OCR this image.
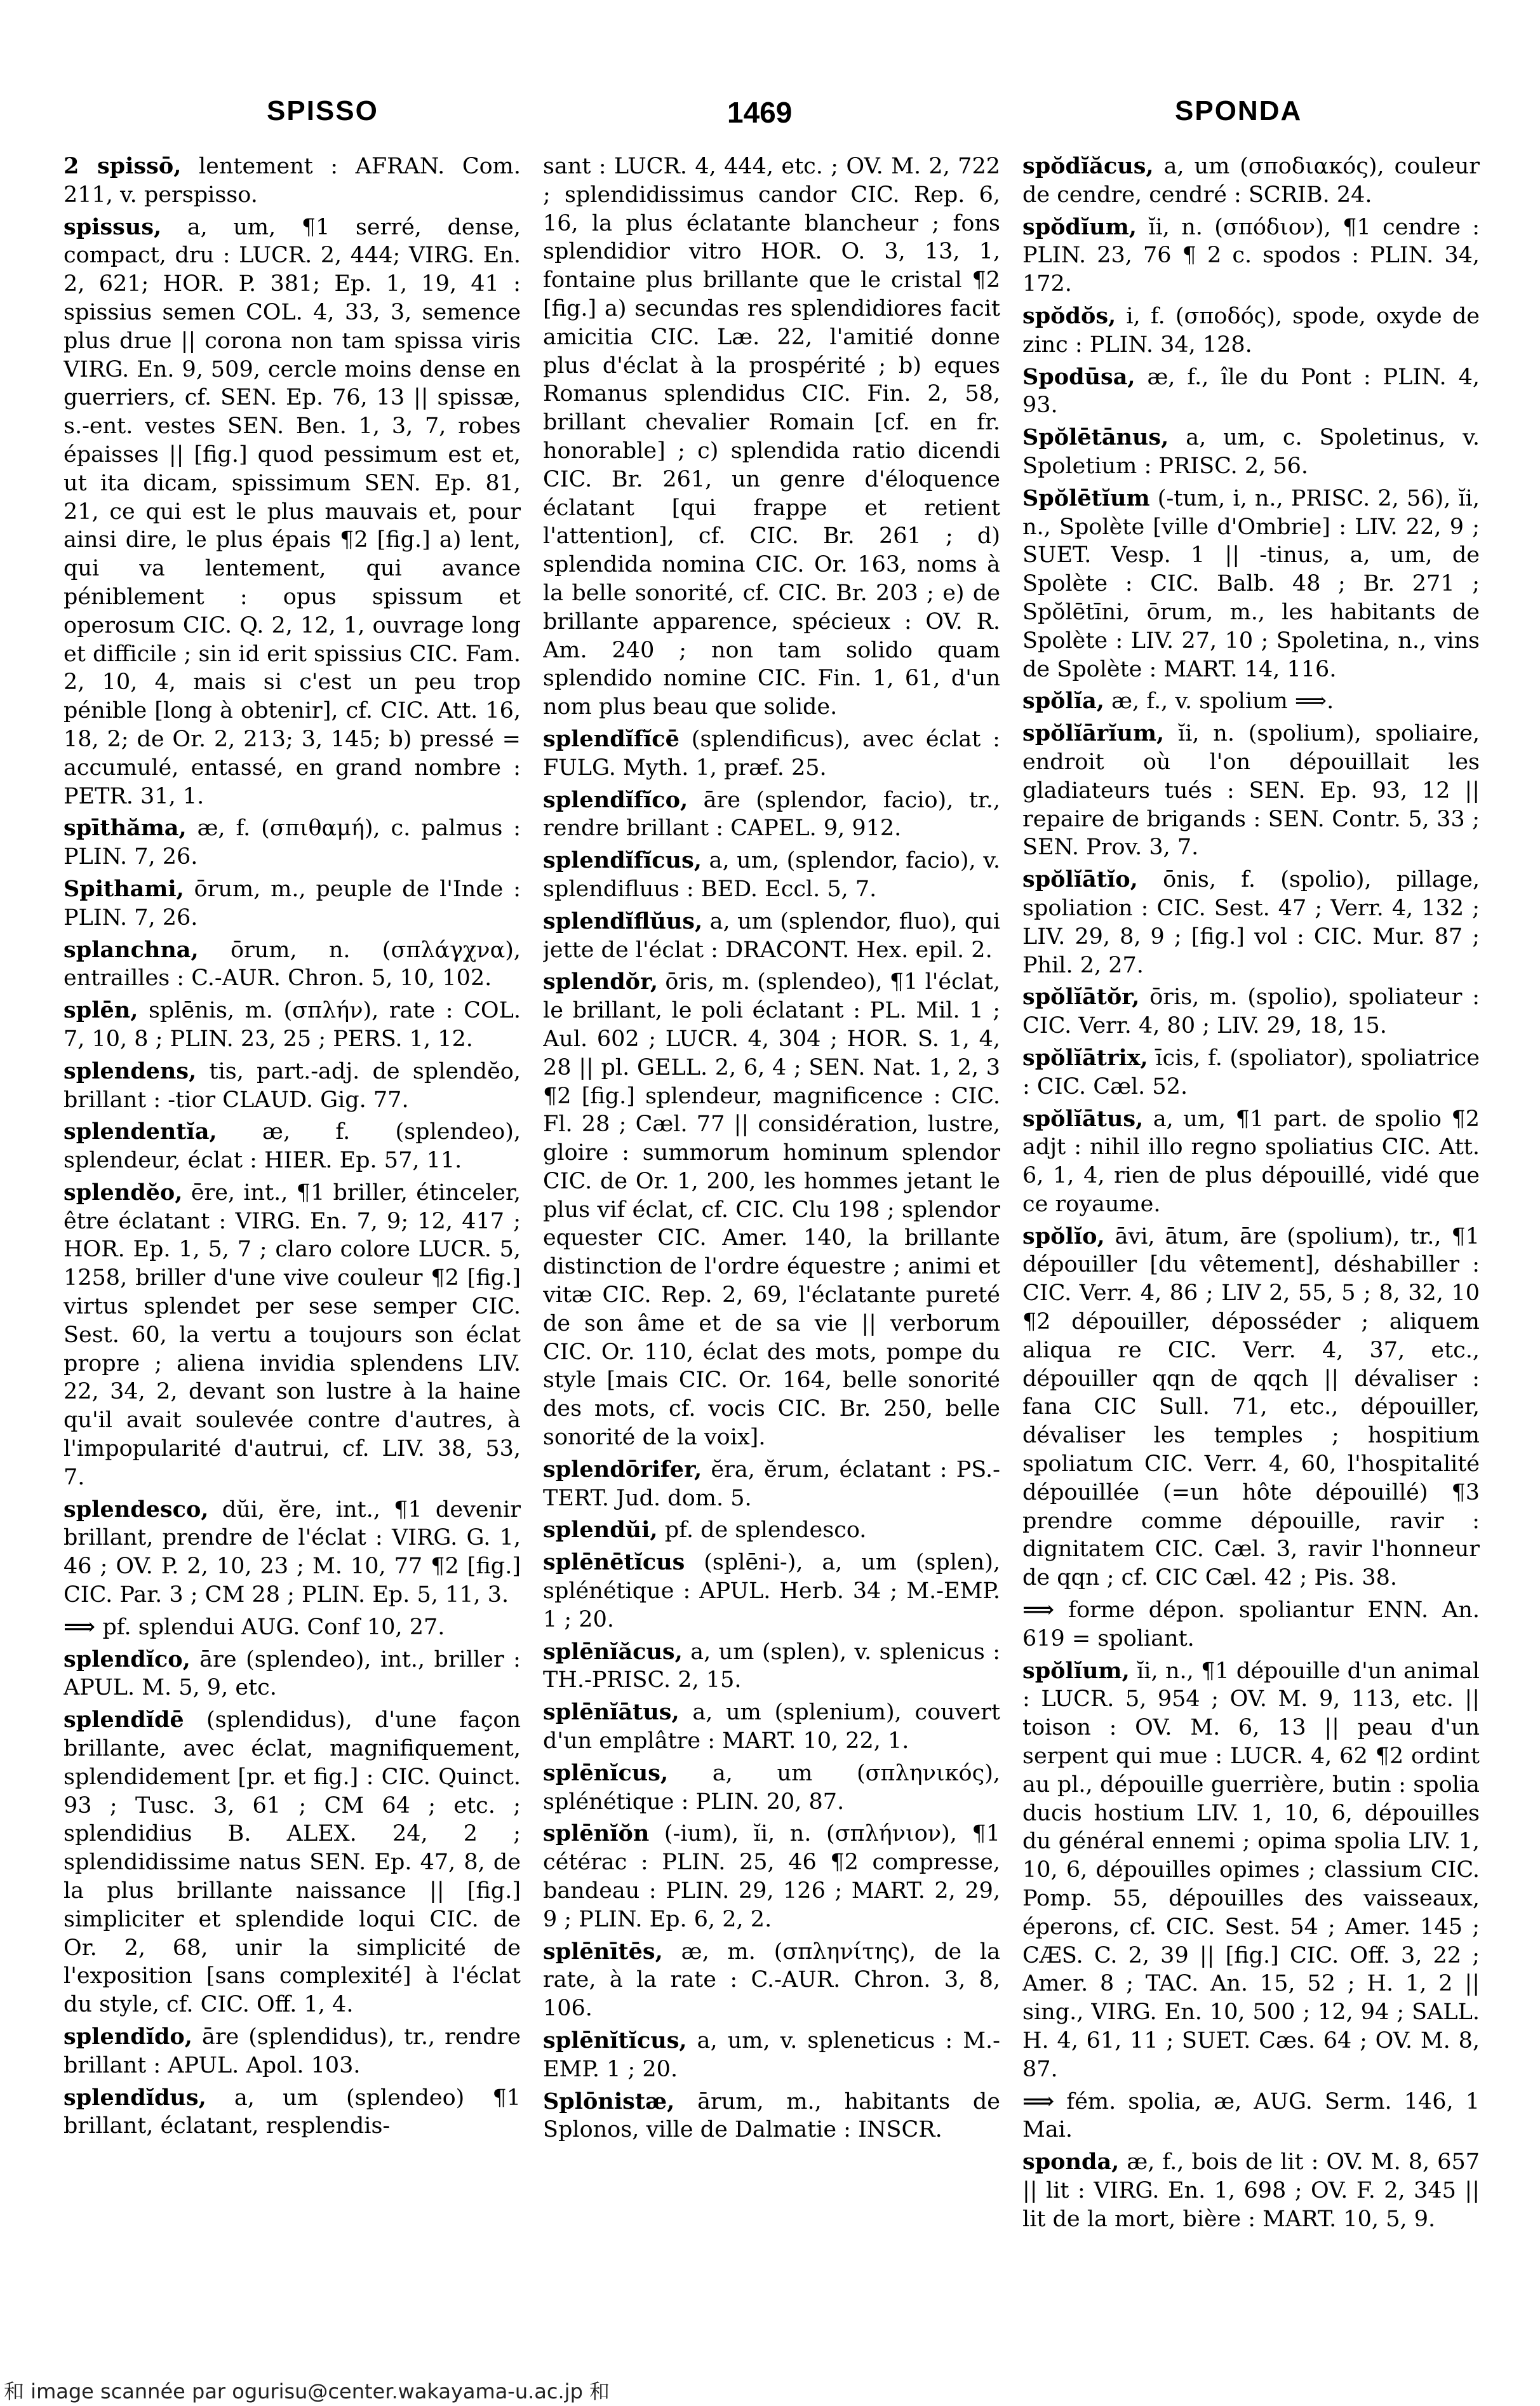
SPISSO	1469	SPONDA

2 spissō, lentement : AFRAN. Com. 211, v. perspisso.

spissus, a, um, ¶1 serré, dense, compact, dru : LUCR. 2, 444; VIRG. En. 2, 621; HOR. P. 381; Ep. 1, 19, 41 : spissius semen COL. 4, 33, 3, semence plus drue || corona non tam spissa viris VIRG. En. 9, 509, cercle moins dense en guerriers, cf. SEN. Ep. 76, 13 || spissæ, s.-ent. vestes SEN. Ben. 1, 3, 7, robes épaisses || [fig.] quod pessimum est et, ut ita dicam, spissimum SEN. Ep. 81, 21, ce qui est le plus mauvais et, pour ainsi dire, le plus épais ¶2 [fig.] a) lent, qui va lentement, qui avance péniblement : opus spissum et operosum CIC. Q. 2, 12, 1, ouvrage long et difficile ; sin id erit spissius CIC. Fam. 2, 10, 4, mais si c'est un peu trop pénible [long à obtenir], cf. CIC. Att. 16, 18, 2; de Or. 2, 213; 3, 145; b) pressé = accumulé, entassé, en grand nombre : PETR. 31, 1.

spīthăma, æ, f. (σπιθαμή), c. palmus : PLIN. 7, 26.

Spithami, ōrum, m., peuple de l'Inde : PLIN. 7, 26.

splanchna, ōrum, n. (σπλάγχνα), entrailles : C.-AUR. Chron. 5, 10, 102.

splēn, splēnis, m. (σπλήν), rate : COL. 7, 10, 8 ; PLIN. 23, 25 ; PERS. 1, 12.

splendens, tis, part.-adj. de splendĕo, brillant : -tior CLAUD. Gig. 77.

splendentĭa, æ, f. (splendeo), splendeur, éclat : HIER. Ep. 57, 11.

splendĕo, ēre, int., ¶1 briller, étinceler, être éclatant : VIRG. En. 7, 9; 12, 417 ; HOR. Ep. 1, 5, 7 ; claro colore LUCR. 5, 1258, briller d'une vive couleur ¶2 [fig.] virtus splendet per sese semper CIC. Sest. 60, la vertu a toujours son éclat propre ; aliena invidia splendens LIV. 22, 34, 2, devant son lustre à la haine qu'il avait soulevée contre d'autres, à l'impopularité d'autrui, cf. LIV. 38, 53, 7.

splendesco, dŭi, ĕre, int., ¶1 devenir brillant, prendre de l'éclat : VIRG. G. 1, 46 ; OV. P. 2, 10, 23 ; M. 10, 77 ¶2 [fig.] CIC. Par. 3 ; CM 28 ; PLIN. Ep. 5, 11, 3.

⟹ pf. splendui AUG. Conf 10, 27.

splendĭco, āre (splendeo), int., briller : APUL. M. 5, 9, etc.

splendĭdē (splendidus), d'une façon brillante, avec éclat, magnifiquement, splendidement [pr. et fig.] : CIC. Quinct. 93 ; Tusc. 3, 61 ; CM 64 ; etc. ; splendidius B. ALEX. 24, 2 ; splendidissime natus SEN. Ep. 47, 8, de la plus brillante naissance || [fig.] simpliciter et splendide loqui CIC. de Or. 2, 68, unir la simplicité de l'exposition [sans complexité] à l'éclat du style, cf. CIC. Off. 1, 4.

splendĭdo, āre (splendidus), tr., rendre brillant : APUL. Apol. 103.

splendĭdus, a, um (splendeo) ¶1 brillant, éclatant, resplendis-

sant : LUCR. 4, 444, etc. ; OV. M. 2, 722 ; splendidissimus candor CIC. Rep. 6, 16, la plus éclatante blancheur ; fons splendidior vitro HOR. O. 3, 13, 1, fontaine plus brillante que le cristal ¶2 [fig.] a) secundas res splendidiores facit amicitia CIC. Læ. 22, l'amitié donne plus d'éclat à la prospérité ; b) eques Romanus splendidus CIC. Fin. 2, 58, brillant chevalier Romain [cf. en fr. honorable] ; c) splendida ratio dicendi CIC. Br. 261, un genre d'éloquence éclatant [qui frappe et retient l'attention], cf. CIC. Br. 261 ; d) splendida nomina CIC. Or. 163, noms à la belle sonorité, cf. CIC. Br. 203 ; e) de brillante apparence, spécieux : OV. R. Am. 240 ; non tam solido quam splendido nomine CIC. Fin. 1, 61, d'un nom plus beau que solide.

splendĭfĭcē (splendificus), avec éclat : FULG. Myth. 1, præf. 25.

splendĭfĭco, āre (splendor, facio), tr., rendre brillant : CAPEL. 9, 912.

splendĭfĭcus, a, um, (splendor, facio), v. splendifluus : BED. Eccl. 5, 7.

splendĭflŭus, a, um (splendor, fluo), qui jette de l'éclat : DRACONT. Hex. epil. 2.

splendŏr, ōris, m. (splendeo), ¶1 l'éclat, le brillant, le poli éclatant : PL. Mil. 1 ; Aul. 602 ; LUCR. 4, 304 ; HOR. S. 1, 4, 28 || pl. GELL. 2, 6, 4 ; SEN. Nat. 1, 2, 3 ¶2 [fig.] splendeur, magnificence : CIC. Fl. 28 ; Cæl. 77 || considération, lustre, gloire : summorum hominum splendor CIC. de Or. 1, 200, les hommes jetant le plus vif éclat, cf. CIC. Clu 198 ; splendor equester CIC. Amer. 140, la brillante distinction de l'ordre équestre ; animi et vitæ CIC. Rep. 2, 69, l'éclatante pureté de son âme et de sa vie || verborum CIC. Or. 110, éclat des mots, pompe du style [mais CIC. Or. 164, belle sonorité des mots, cf. vocis CIC. Br. 250, belle sonorité de la voix].

splendōrifer, ĕra, ĕrum, éclatant : PS.-TERT. Jud. dom. 5.

splendŭi, pf. de splendesco.

splēnētĭcus (splēni-), a, um (splen), splénétique : APUL. Herb. 34 ; M.-EMP. 1 ; 20.

splēnĭăcus, a, um (splen), v. splenicus : TH.-PRISC. 2, 15.

splēnĭātus, a, um (splenium), couvert d'un emplâtre : MART. 10, 22, 1.

splēnĭcus, a, um (σπληνικός), splénétique : PLIN. 20, 87.

splēnĭŏn (-ium), ĭi, n. (σπλήνιον), ¶1 cétérac : PLIN. 25, 46 ¶2 compresse, bandeau : PLIN. 29, 126 ; MART. 2, 29, 9 ; PLIN. Ep. 6, 2, 2.

splēnītēs, æ, m. (σπληνίτης), de la rate, à la rate : C.-AUR. Chron. 3, 8, 106.

splēnĭtĭcus, a, um, v. spleneticus : M.-EMP. 1 ; 20.

Splōnistæ, ārum, m., habitants de Splonos, ville de Dalmatie : INSCR.

spŏdĭăcus, a, um (σποδιακός), couleur de cendre, cendré : SCRIB. 24.

spŏdĭum, ĭi, n. (σπόδιον), ¶1 cendre : PLIN. 23, 76 ¶ 2 c. spodos : PLIN. 34, 172.

spŏdŏs, i, f. (σποδός), spode, oxyde de zinc : PLIN. 34, 128.

Spodūsa, æ, f., île du Pont : PLIN. 4, 93.

Spŏlētānus, a, um, c. Spoletinus, v. Spoletium : PRISC. 2, 56.

Spŏlētĭum (-tum, i, n., PRISC. 2, 56), ĭi, n., Spolète [ville d'Ombrie] : LIV. 22, 9 ; SUET. Vesp. 1 || -tinus, a, um, de Spolète : CIC. Balb. 48 ; Br. 271 ; Spŏlētīni, ōrum, m., les habitants de Spolète : LIV. 27, 10 ; Spoletina, n., vins de Spolète : MART. 14, 116.

spŏlĭa, æ, f., v. spolium ⟹.

spŏlĭārĭum, ĭi, n. (spolium), spoliaire, endroit où l'on dépouillait les gladiateurs tués : SEN. Ep. 93, 12 || repaire de brigands : SEN. Contr. 5, 33 ; SEN. Prov. 3, 7.

spŏlĭātĭo, ōnis, f. (spolio), pillage, spoliation : CIC. Sest. 47 ; Verr. 4, 132 ; LIV. 29, 8, 9 ; [fig.] vol : CIC. Mur. 87 ; Phil. 2, 27.

spŏlĭātŏr, ōris, m. (spolio), spoliateur : CIC. Verr. 4, 80 ; LIV. 29, 18, 15.

spŏlĭātrix, īcis, f. (spoliator), spoliatrice : CIC. Cæl. 52.

spŏlĭātus, a, um, ¶1 part. de spolio ¶2 adjt : nihil illo regno spoliatius CIC. Att. 6, 1, 4, rien de plus dépouillé, vidé que ce royaume.

spŏlĭo, āvi, ātum, āre (spolium), tr., ¶1 dépouiller [du vêtement], déshabiller : CIC. Verr. 4, 86 ; LIV 2, 55, 5 ; 8, 32, 10 ¶2 dépouiller, déposséder ; aliquem aliqua re CIC. Verr. 4, 37, etc., dépouiller qqn de qqch || dévaliser : fana CIC Sull. 71, etc., dépouiller, dévaliser les temples ; hospitium spoliatum CIC. Verr. 4, 60, l'hospitalité dépouillée (=un hôte dépouillé) ¶3 prendre comme dépouille, ravir : dignitatem CIC. Cæl. 3, ravir l'honneur de qqn ; cf. CIC Cæl. 42 ; Pis. 38.

⟹ forme dépon. spoliantur ENN. An. 619 = spoliant.

spŏlĭum, ĭi, n., ¶1 dépouille d'un animal : LUCR. 5, 954 ; OV. M. 9, 113, etc. || toison : OV. M. 6, 13 || peau d'un serpent qui mue : LUCR. 4, 62 ¶2 ordint au pl., dépouille guerrière, butin : spolia ducis hostium LIV. 1, 10, 6, dépouilles du général ennemi ; opima spolia LIV. 1, 10, 6, dépouilles opimes ; classium CIC. Pomp. 55, dépouilles des vaisseaux, éperons, cf. CIC. Sest. 54 ; Amer. 145 ; CÆS. C. 2, 39 || [fig.] CIC. Off. 3, 22 ; Amer. 8 ; TAC. An. 15, 52 ; H. 1, 2 || sing., VIRG. En. 10, 500 ; 12, 94 ; SALL. H. 4, 61, 11 ; SUET. Cæs. 64 ; OV. M. 8, 87.

⟹ fém. spolia, æ, AUG. Serm. 146, 1 Mai.

sponda, æ, f., bois de lit : OV. M. 8, 657 || lit : VIRG. En. 1, 698 ; OV. F. 2, 345 || lit de la mort, bière : MART. 10, 5, 9.

和 image scannée par ogurisu@center.wakayama-u.ac.jp 和
